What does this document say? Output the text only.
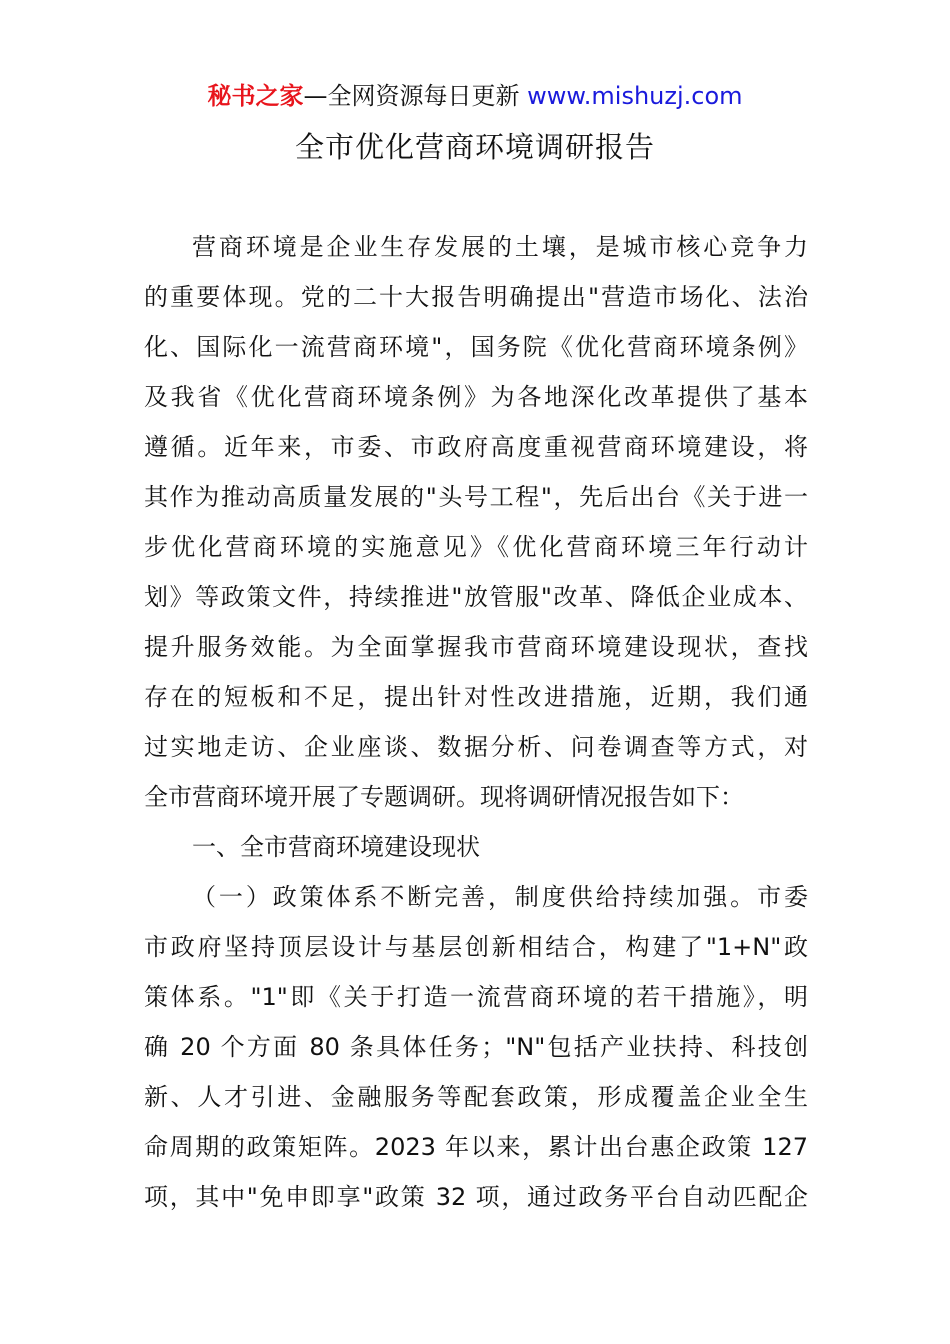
秘书之家—全网资源每日更新 www.mishuzj.com
全市优化营商环境调研报告
营商环境是企业生存发展的土壤，是城市核心竞争力
的重要体现。党的二十大报告明确提出"营造市场化、法治
化、国际化一流营商环境"，国务院《优化营商环境条例》
及我省《优化营商环境条例》为各地深化改革提供了基本
遵循。近年来，市委、市政府高度重视营商环境建设，将
其作为推动高质量发展的"头号工程"，先后出台《关于进一
步优化营商环境的实施意见》《优化营商环境三年行动计
划》等政策文件，持续推进"放管服"改革、降低企业成本、
提升服务效能。为全面掌握我市营商环境建设现状，查找
存在的短板和不足，提出针对性改进措施，近期，我们通
过实地走访、企业座谈、数据分析、问卷调查等方式，对
全市营商环境开展了专题调研。现将调研情况报告如下：
一、全市营商环境建设现状
（一）政策体系不断完善，制度供给持续加强。市委
市政府坚持顶层设计与基层创新相结合，构建了"1+N"政
策体系。"1"即《关于打造一流营商环境的若干措施》，明
确 20 个方面 80 条具体任务；"N"包括产业扶持、科技创
新、人才引进、金融服务等配套政策，形成覆盖企业全生
命周期的政策矩阵。2023 年以来，累计出台惠企政策 127
项，其中"免申即享"政策 32 项，通过政务平台自动匹配企
